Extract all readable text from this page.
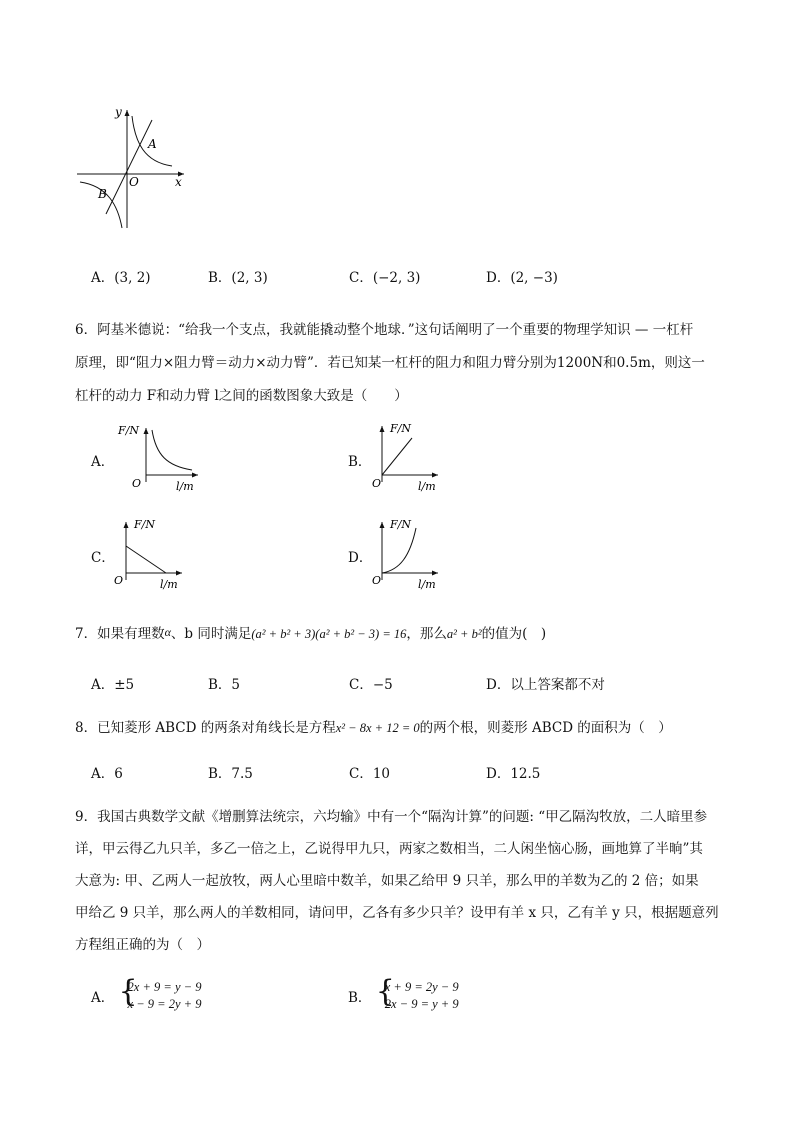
y
x
O
A
B
A．(3, 2)	B．(2, 3)	C．(−2, 3)	D．(2, −3)
6．阿基米德说：“给我一个支点，我就能撬动整个地球．”这句话阐明了一个重要的物理学知识 — 一杠杆
原理，即“阻力×阻力臂＝动力×动力臂”．若已知某一杠杆的阻力和阻力臂分别为1200N和0.5m，则这一
杠杆的动力 F和动力臂 l之间的函数图象大致是（　　）
A．
F/N
O	l/m
B．
F/N
O	l/m
C．
F/N
O	l/m
D．
F/N
O	l/m
7．如果有理数α、b 同时满足(a² + b² + 3)(a² + b² − 3) = 16，那么a² + b²的值为(　)
A．±5	B．5	C．−5	D．以上答案都不对
8．已知菱形 ABCD 的两条对角线长是方程x² − 8x + 12 = 0的两个根，则菱形 ABCD 的面积为（　）
A．6	B．7.5	C．10	D．12.5
9．我国古典数学文献《增删算法统宗，六均输》中有一个“隔沟计算”的问题: “甲乙隔沟牧放，二人暗里参
详，甲云得乙九只羊，多乙一倍之上，乙说得甲九只，两家之数相当，二人闲坐恼心肠，画地算了半晌”其
大意为: 甲、乙两人一起放牧，两人心里暗中数羊，如果乙给甲 9 只羊，那么甲的羊数为乙的 2 倍；如果
甲给乙 9 只羊，那么两人的羊数相同，请问甲，乙各有多少只羊？设甲有羊 x 只，乙有羊 y 只，根据题意列
方程组正确的为（　）
A． {
2x + 9 = y − 9
x − 9 = 2y + 9	B． {
x + 9 = 2y − 9
2x − 9 = y + 9
